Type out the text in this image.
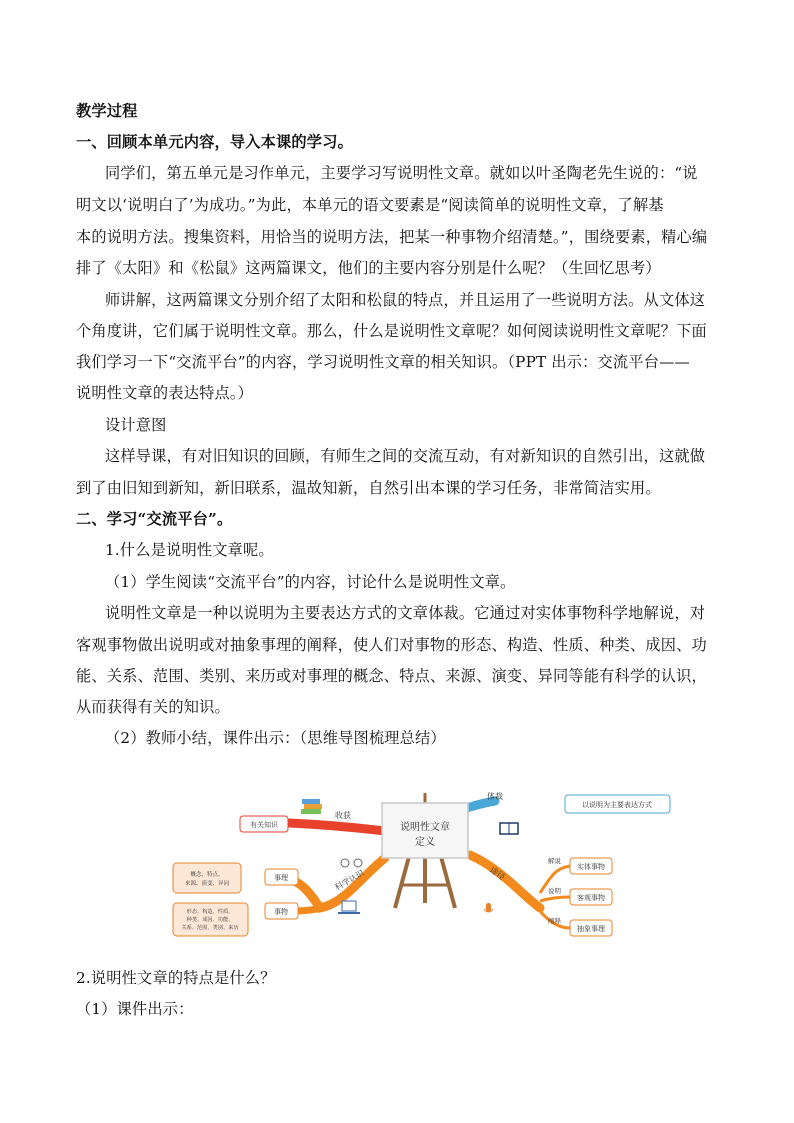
教学过程
一、回顾本单元内容，导入本课的学习。
同学们，第五单元是习作单元，主要学习写说明性文章。就如以叶圣陶老先生说的：“说
明文以‘说明白了’为成功。”为此，本单元的语文要素是“阅读简单的说明性文章，了解基
本的说明方法。搜集资料，用恰当的说明方法，把某一种事物介绍清楚。”，围绕要素，精心编
排了《太阳》和《松鼠》这两篇课文，他们的主要内容分别是什么呢？（生回忆思考）
师讲解，这两篇课文分别介绍了太阳和松鼠的特点，并且运用了一些说明方法。从文体这
个角度讲，它们属于说明性文章。那么，什么是说明性文章呢？如何阅读说明性文章呢？下面
我们学习一下“交流平台”的内容，学习说明性文章的相关知识。（PPT 出示：交流平台——
说明性文章的表达特点。）
设计意图
这样导课，有对旧知识的回顾，有师生之间的交流互动，有对新知识的自然引出，这就做
到了由旧知到新知，新旧联系，温故知新，自然引出本课的学习任务，非常简洁实用。
二、学习“交流平台”。
1.什么是说明性文章呢。
（1）学生阅读“交流平台”的内容，讨论什么是说明性文章。
说明性文章是一种以说明为主要表达方式的文章体裁。它通过对实体事物科学地解说，对
客观事物做出说明或对抽象事理的阐释，使人们对事物的形态、构造、性质、种类、成因、功
能、关系、范围、类别、来历或对事理的概念、特点、来源、演变、异同等能有科学的认识，
从而获得有关的知识。
（2）教师小结，课件出示：（思维导图梳理总结）
说明性文章
定义
体裁
以说明为主要表达方式
收获
有关知识
科学认识
事理
事物
概念、特点、
来源、演变、异同
形态、构造、性质、
种类、成因、功能、
关系、范围、类别、来历
途径
解说
说明
阐释
实体事物
客观事物
抽象事理
2.说明性文章的特点是什么？
（1）课件出示：
